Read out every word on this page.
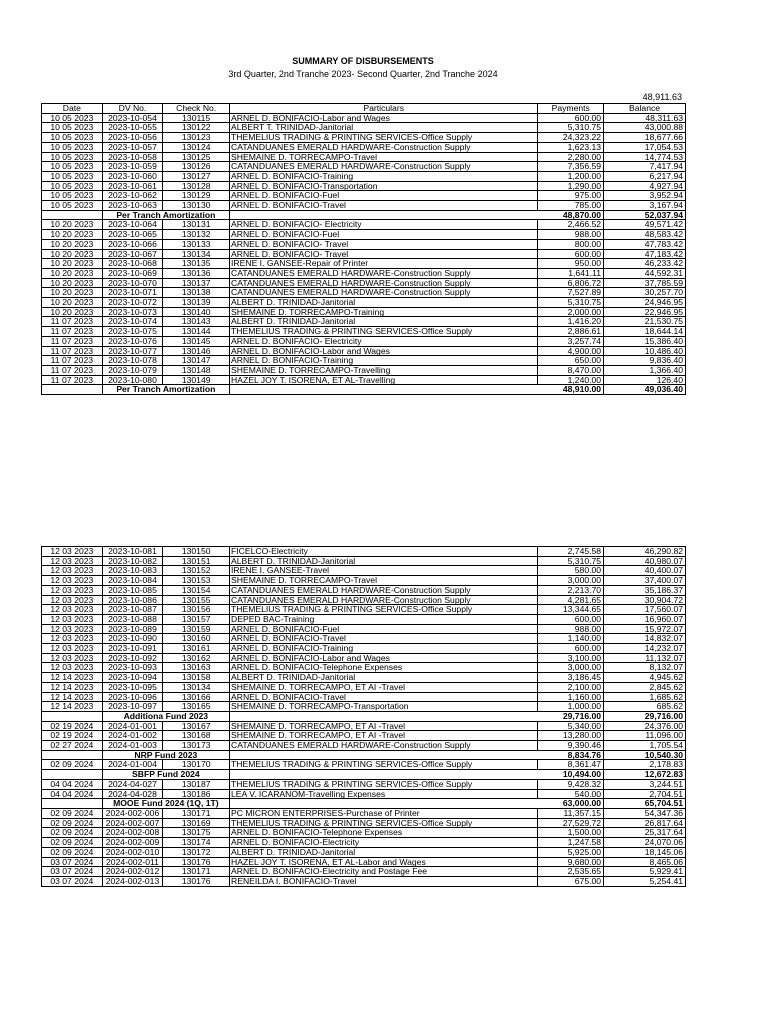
SUMMARY OF DISBURSEMENTS
3rd Quarter, 2nd Tranche 2023- Second Quarter, 2nd Tranche 2024
48,911.63
Date	DV No.	Check No.	Particulars	Payments	Balance
10 05 2023	2023-10-054	130115	ARNEL D. BONIFACIO-Labor and Wages	600.00	48,311.63
10 05 2023	2023-10-055	130122	ALBERT T. TRINIDAD-Janitorial	5,310.75	43,000.88
10 05 2023	2023-10-056	130123	THEMELIUS TRADING & PRINTING SERVICES-Office Supply	24,323.22	18,677.66
10 05 2023	2023-10-057	130124	CATANDUANES EMERALD HARDWARE-Construction Supply	1,623.13	17,054.53
10 05 2023	2023-10-058	130125	SHEMAINE D. TORRECAMPO-Travel	2,280.00	14,774.53
10 05 2023	2023-10-059	130126	CATANDUANES EMERALD HARDWARE-Construction Supply	7,356.59	7,417.94
10 05 2023	2023-10-060	130127	ARNEL D. BONIFACIO-Training	1,200.00	6,217.94
10 05 2023	2023-10-061	130128	ARNEL D. BONIFACIO-Transportation	1,290.00	4,927.94
10 05 2023	2023-10-062	130129	ARNEL D. BONIFACIO-Fuel	975.00	3,952.94
10 05 2023	2023-10-063	130130	ARNEL D. BONIFACIO-Travel	785.00	3,167.94
	Per Tranch Amortization		48,870.00		52,037.94
10 20 2023	2023-10-064	130131	ARNEL D. BONIFACIO- Electricity	2,466.52	49,571.42
10 20 2023	2023-10-065	130132	ARNEL D. BONIFACIO-Fuel	988.00	48,583.42
10 20 2023	2023-10-066	130133	ARNEL D. BONIFACIO- Travel	800.00	47,783.42
10 20 2023	2023-10-067	130134	ARNEL D. BONIFACIO- Travel	600.00	47,183.42
10 20 2023	2023-10-068	130135	IRENE I. GANSEE-Repair of Printer	950.00	46,233.42
10 20 2023	2023-10-069	130136	CATANDUANES EMERALD HARDWARE-Construction Supply	1,641.11	44,592.31
10 20 2023	2023-10-070	130137	CATANDUANES EMERALD HARDWARE-Construction Supply	6,806.72	37,785.59
10 20 2023	2023-10-071	130138	CATANDUANES EMERALD HARDWARE-Construction Supply	7,527.89	30,257.70
10 20 2023	2023-10-072	130139	ALBERT D. TRINIDAD-Janitorial	5,310.75	24,946.95
10 20 2023	2023-10-073	130140	SHEMAINE D. TORRECAMPO-Training	2,000.00	22,946.95
11 07 2023	2023-10-074	130143	ALBERT D. TRINIDAD-Janitorial	1,416.20	21,530.75
11 07 2023	2023-10-075	130144	THEMELIUS TRADING & PRINTING SERVICES-Office Supply	2,886.61	18,644.14
11 07 2023	2023-10-076	130145	ARNEL D. BONIFACIO- Electricity	3,257.74	15,386.40
11 07 2023	2023-10-077	130146	ARNEL D. BONIFACIO-Labor and Wages	4,900.00	10,486.40
11 07 2023	2023-10-078	130147	ARNEL D. BONIFACIO-Training	650.00	9,836.40
11 07 2023	2023-10-079	130148	SHEMAINE D. TORRECAMPO-Travelling	8,470.00	1,366.40
11 07 2023	2023-10-080	130149	HAZEL JOY T. ISORENA, ET AL-Travelling	1,240.00	126.40
	Per Tranch Amortization		48,910.00		49,036.40
12 03 2023	2023-10-081	130150	FICELCO-Electricity	2,745.58	46,290.82
12 03 2023	2023-10-082	130151	ALBERT D. TRINIDAD-Janitorial	5,310.75	40,980.07
12 03 2023	2023-10-083	130152	IRENE I. GANSEE-Travel	580.00	40,400.07
12 03 2023	2023-10-084	130153	SHEMAINE D. TORRECAMPO-Travel	3,000.00	37,400.07
12 03 2023	2023-10-085	130154	CATANDUANES EMERALD HARDWARE-Construction Supply	2,213.70	35,186.37
12 03 2023	2023-10-086	130155	CATANDUANES EMERALD HARDWARE-Construction Supply	4,281.65	30,904.72
12 03 2023	2023-10-087	130156	THEMELIUS TRADING & PRINTING SERVICES-Office Supply	13,344.65	17,560.07
12 03 2023	2023-10-088	130157	DEPED BAC-Training	600.00	16,960.07
12 03 2023	2023-10-089	130159	ARNEL D. BONIFACIO-Fuel	988.00	15,972.07
12 03 2023	2023-10-090	130160	ARNEL D. BONIFACIO-Travel	1,140.00	14,832.07
12 03 2023	2023-10-091	130161	ARNEL D. BONIFACIO-Training	600.00	14,232.07
12 03 2023	2023-10-092	130162	ARNEL D. BONIFACIO-Labor and Wages	3,100.00	11,132.07
12 03 2023	2023-10-093	130163	ARNEL D. BONIFACIO-Telephone Expenses	3,000.00	8,132.07
12 14 2023	2023-10-094	130158	ALBERT D. TRINIDAD-Janitorial	3,186.45	4,945.62
12 14 2023	2023-10-095	130134	SHEMAINE D. TORRECAMPO, ET AI -Travel	2,100.00	2,845.62
12 14 2023	2023-10-096	130166	ARNEL D. BONIFACIO-Travel	1,160.00	1,685.62
12 14 2023	2023-10-097	130165	SHEMAINE D. TORRECAMPO-Transportation	1,000.00	685.62
	Additiona Fund 2023		29,716.00		29,716.00
02 19 2024	2024-01-001	130167	SHEMAINE D. TORRECAMPO, ET AI -Travel	5,340.00	24,376.00
02 19 2024	2024-01-002	130168	SHEMAINE D. TORRECAMPO, ET AI -Travel	13,280.00	11,096.00
02 27 2024	2024-01-003	130173	CATANDUANES EMERALD HARDWARE-Construction Supply	9,390.46	1,705.54
	NRP Fund 2023		8,834.76		10,540.30
02 09 2024	2024-01-004	130170	THEMELIUS TRADING & PRINTING SERVICES-Office Supply	8,361.47	2,178.83
	SBFP Fund 2024		10,494.00		12,672.83
04 04 2024	2024-04-027	130187	THEMELIUS TRADING & PRINTING SERVICES-Office Supply	9,428.32	3,244.51
04 04 2024	2024-04-028	130186	LEA V. ICARANOM-Travelling Expenses	540.00	2,704.51
	MOOE Fund 2024 (1Q, 1T)		63,000.00		65,704.51
02 09 2024	2024-002-006	130171	PC MICRON ENTERPRISES-Purchase of Printer	11,357.15	54,347.36
02 09 2024	2024-002-007	130169	THEMELIUS TRADING & PRINTING SERVICES-Office Supply	27,529.72	26,817.64
02 09 2024	2024-002-008	130175	ARNEL D. BONIFACIO-Telephone Expenses	1,500.00	25,317.64
02 09 2024	2024-002-009	130174	ARNEL D. BONIFACIO-Electricity	1,247.58	24,070.06
02 09 2024	2024-002-010	130172	ALBERT D. TRINIDAD-Janitorial	5,925.00	18,145.06
03 07 2024	2024-002-011	130176	HAZEL JOY T. ISORENA, ET AL-Labor and Wages	9,680.00	8,465.06
03 07 2024	2024-002-012	130171	ARNEL D. BONIFACIO-Electricity and Postage Fee	2,535.65	5,929.41
03 07 2024	2024-002-013	130176	RENEILDA I. BONIFACIO-Travel	675.00	5,254.41
